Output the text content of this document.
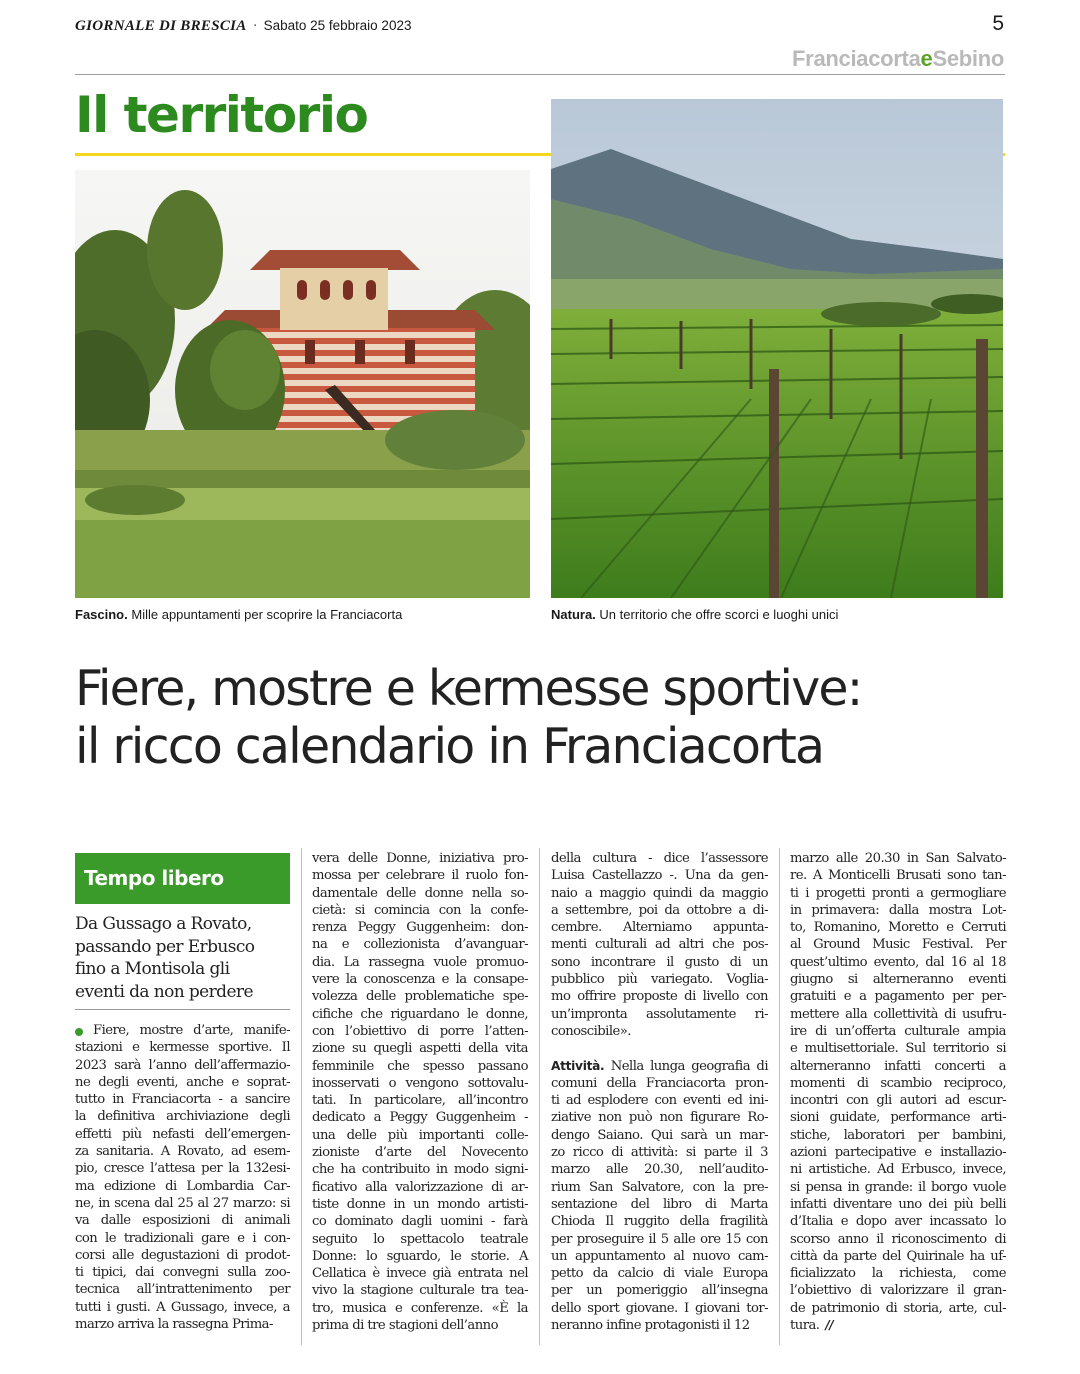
GIORNALE DI BRESCIA · Sabato 25 febbraio 2023	5
FranciacortaeSebino
Il territorio
Fascino. Mille appuntamenti per scoprire la Franciacorta	Natura. Un territorio che offre scorci e luoghi unici
Fiere, mostre e kermesse sportive:
il ricco calendario in Franciacorta
Tempo libero
Da Gussago a Rovato,
passando per Erbusco
fino a Montisola gli
eventi da non perdere
Fiere, mostre d’arte, manife-
stazioni e kermesse sportive. Il
2023 sarà l’anno dell’affermazio-
ne degli eventi, anche e soprat-
tutto in Franciacorta - a sancire
la definitiva archiviazione degli
effetti più nefasti dell’emergen-
za sanitaria. A Rovato, ad esem-
pio, cresce l’attesa per la 132esi-
ma edizione di Lombardia Car-
ne, in scena dal 25 al 27 marzo: si
va dalle esposizioni di animali
con le tradizionali gare e i con-
corsi alle degustazioni di prodot-
ti tipici, dai convegni sulla zoo-
tecnica all’intrattenimento per
tutti i gusti. A Gussago, invece, a
marzo arriva la rassegna Prima-
vera delle Donne, iniziativa pro-
mossa per celebrare il ruolo fon-
damentale delle donne nella so-
cietà: si comincia con la confe-
renza Peggy Guggenheim: don-
na e collezionista d’avanguar-
dia. La rassegna vuole promuo-
vere la conoscenza e la consape-
volezza delle problematiche spe-
cifiche che riguardano le donne,
con l’obiettivo di porre l’atten-
zione su quegli aspetti della vita
femminile che spesso passano
inosservati o vengono sottovalu-
tati. In particolare, all’incontro
dedicato a Peggy Guggenheim -
una delle più importanti colle-
zioniste d’arte del Novecento
che ha contribuito in modo signi-
ficativo alla valorizzazione di ar-
tiste donne in un mondo artisti-
co dominato dagli uomini - farà
seguito lo spettacolo teatrale
Donne: lo sguardo, le storie. A
Cellatica è invece già entrata nel
vivo la stagione culturale tra tea-
tro, musica e conferenze. «È la
prima di tre stagioni dell’anno
della cultura - dice l’assessore
Luisa Castellazzo -. Una da gen-
naio a maggio quindi da maggio
a settembre, poi da ottobre a di-
cembre. Alterniamo appunta-
menti culturali ad altri che pos-
sono incontrare il gusto di un
pubblico più variegato. Voglia-
mo offrire proposte di livello con
un’impronta assolutamente ri-
conoscibile».
Attività. Nella lunga geografia di
comuni della Franciacorta pron-
ti ad esplodere con eventi ed ini-
ziative non può non figurare Ro-
dengo Saiano. Qui sarà un mar-
zo ricco di attività: si parte il 3
marzo alle 20.30, nell’audito-
rium San Salvatore, con la pre-
sentazione del libro di Marta
Chioda Il ruggito della fragilità
per proseguire il 5 alle ore 15 con
un appuntamento al nuovo cam-
petto da calcio di viale Europa
per un pomeriggio all’insegna
dello sport giovane. I giovani tor-
neranno infine protagonisti il 12
marzo alle 20.30 in San Salvato-
re. A Monticelli Brusati sono tan-
ti i progetti pronti a germogliare
in primavera: dalla mostra Lot-
to, Romanino, Moretto e Cerruti
al Ground Music Festival. Per
quest’ultimo evento, dal 16 al 18
giugno si alterneranno eventi
gratuiti e a pagamento per per-
mettere alla collettività di usufru-
ire di un’offerta culturale ampia
e multisettoriale. Sul territorio si
alterneranno infatti concerti a
momenti di scambio reciproco,
incontri con gli autori ad escur-
sioni guidate, performance arti-
stiche, laboratori per bambini,
azioni partecipative e installazio-
ni artistiche. Ad Erbusco, invece,
si pensa in grande: il borgo vuole
infatti diventare uno dei più belli
d’Italia e dopo aver incassato lo
scorso anno il riconoscimento di
città da parte del Quirinale ha uf-
ficializzato la richiesta, come
l’obiettivo di valorizzare il gran-
de patrimonio di storia, arte, cul-
tura. //
